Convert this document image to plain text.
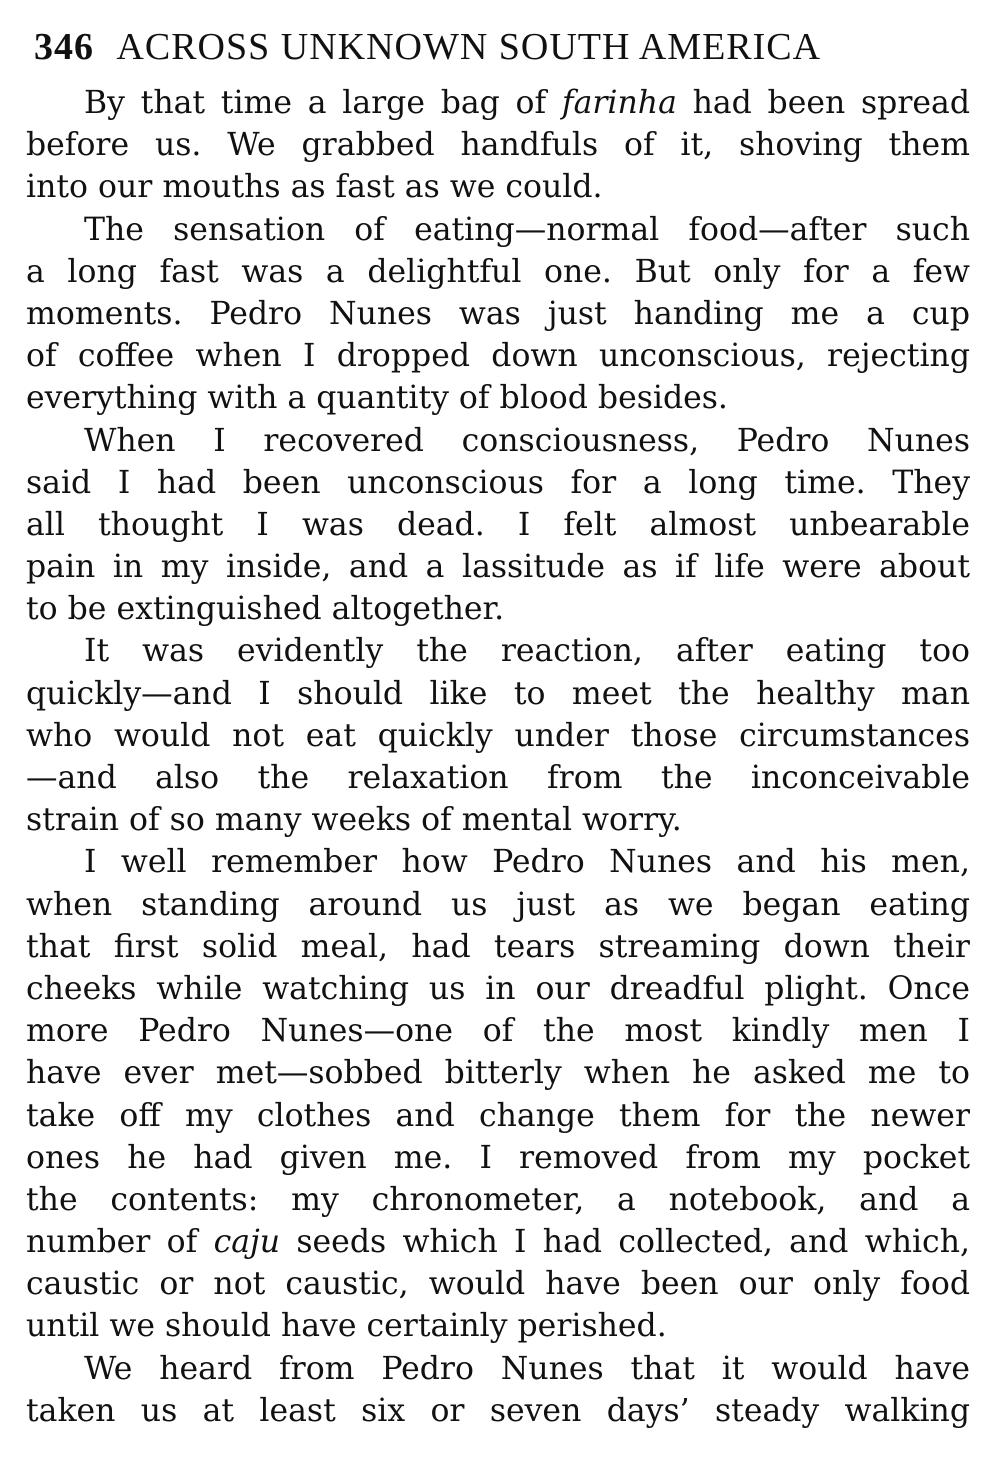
346 ACROSS UNKNOWN SOUTH AMERICA
By that time a large bag of farinha had been spread
before us. We grabbed handfuls of it, shoving them
into our mouths as fast as we could.
The sensation of eating—normal food—after such
a long fast was a delightful one. But only for a few
moments. Pedro Nunes was just handing me a cup
of coffee when I dropped down unconscious, rejecting
everything with a quantity of blood besides.
When I recovered consciousness, Pedro Nunes
said I had been unconscious for a long time. They
all thought I was dead. I felt almost unbearable
pain in my inside, and a lassitude as if life were about
to be extinguished altogether.
It was evidently the reaction, after eating too
quickly—and I should like to meet the healthy man
who would not eat quickly under those circumstances
—and also the relaxation from the inconceivable
strain of so many weeks of mental worry.
I well remember how Pedro Nunes and his men,
when standing around us just as we began eating
that first solid meal, had tears streaming down their
cheeks while watching us in our dreadful plight. Once
more Pedro Nunes—one of the most kindly men I
have ever met—sobbed bitterly when he asked me to
take off my clothes and change them for the newer
ones he had given me. I removed from my pocket
the contents: my chronometer, a notebook, and a
number of caju seeds which I had collected, and which,
caustic or not caustic, would have been our only food
until we should have certainly perished.
We heard from Pedro Nunes that it would have
taken us at least six or seven days’ steady walking
